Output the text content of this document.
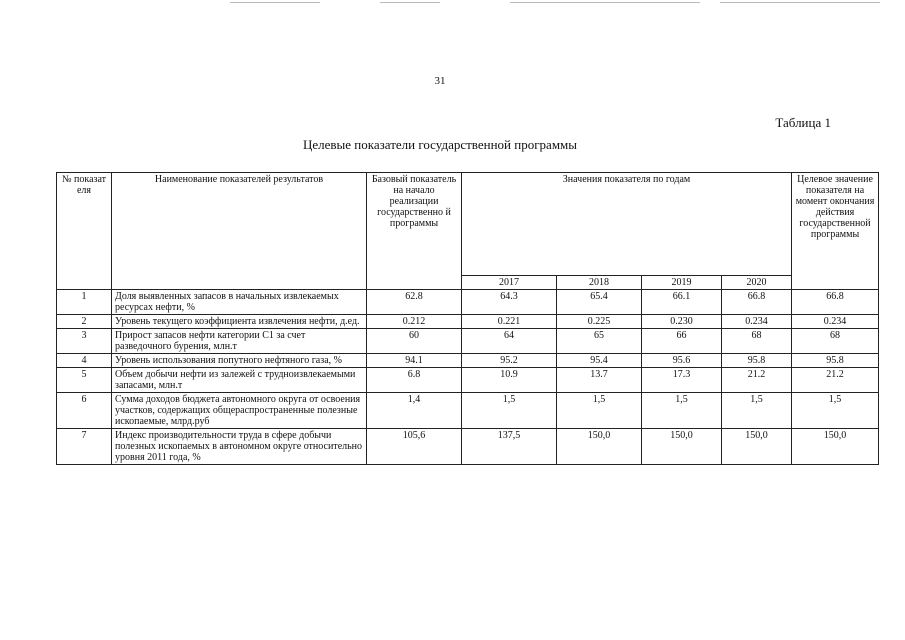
31
Таблица 1
Целевые показатели государственной программы
№ показат еля	Наименование показателей результатов	Базовый показатель на начало реализации государственно й программы	Значения показателя по годам				Целевое значение показателя на момент окончания действия государственной программы
			2017	2018	2019	2020	
1	Доля выявленных запасов в начальных извлекаемых ресурсах нефти, %	62.8	64.3	65.4	66.1	66.8	66.8
2	Уровень текущего коэффициента извлечения нефти, д.ед.	0.212	0.221	0.225	0.230	0.234	0.234
3	Прирост запасов нефти категории С1 за счет разведочного бурения, млн.т	60	64	65	66	68	68
4	Уровень использования попутного нефтяного газа, %	94.1	95.2	95.4	95.6	95.8	95.8
5	Объем добычи нефти из залежей с трудноизвлекаемыми запасами, млн.т	6.8	10.9	13.7	17.3	21.2	21.2
6	Сумма доходов бюджета автономного округа от освоения участков, содержащих общераспространенные полезные ископаемые, млрд.руб	1,4	1,5	1,5	1,5	1,5	1,5
7	Индекс производительности труда в сфере добычи полезных ископаемых в автономном округе относительно уровня 2011 года, %	105,6	137,5	150,0	150,0	150,0	150,0
